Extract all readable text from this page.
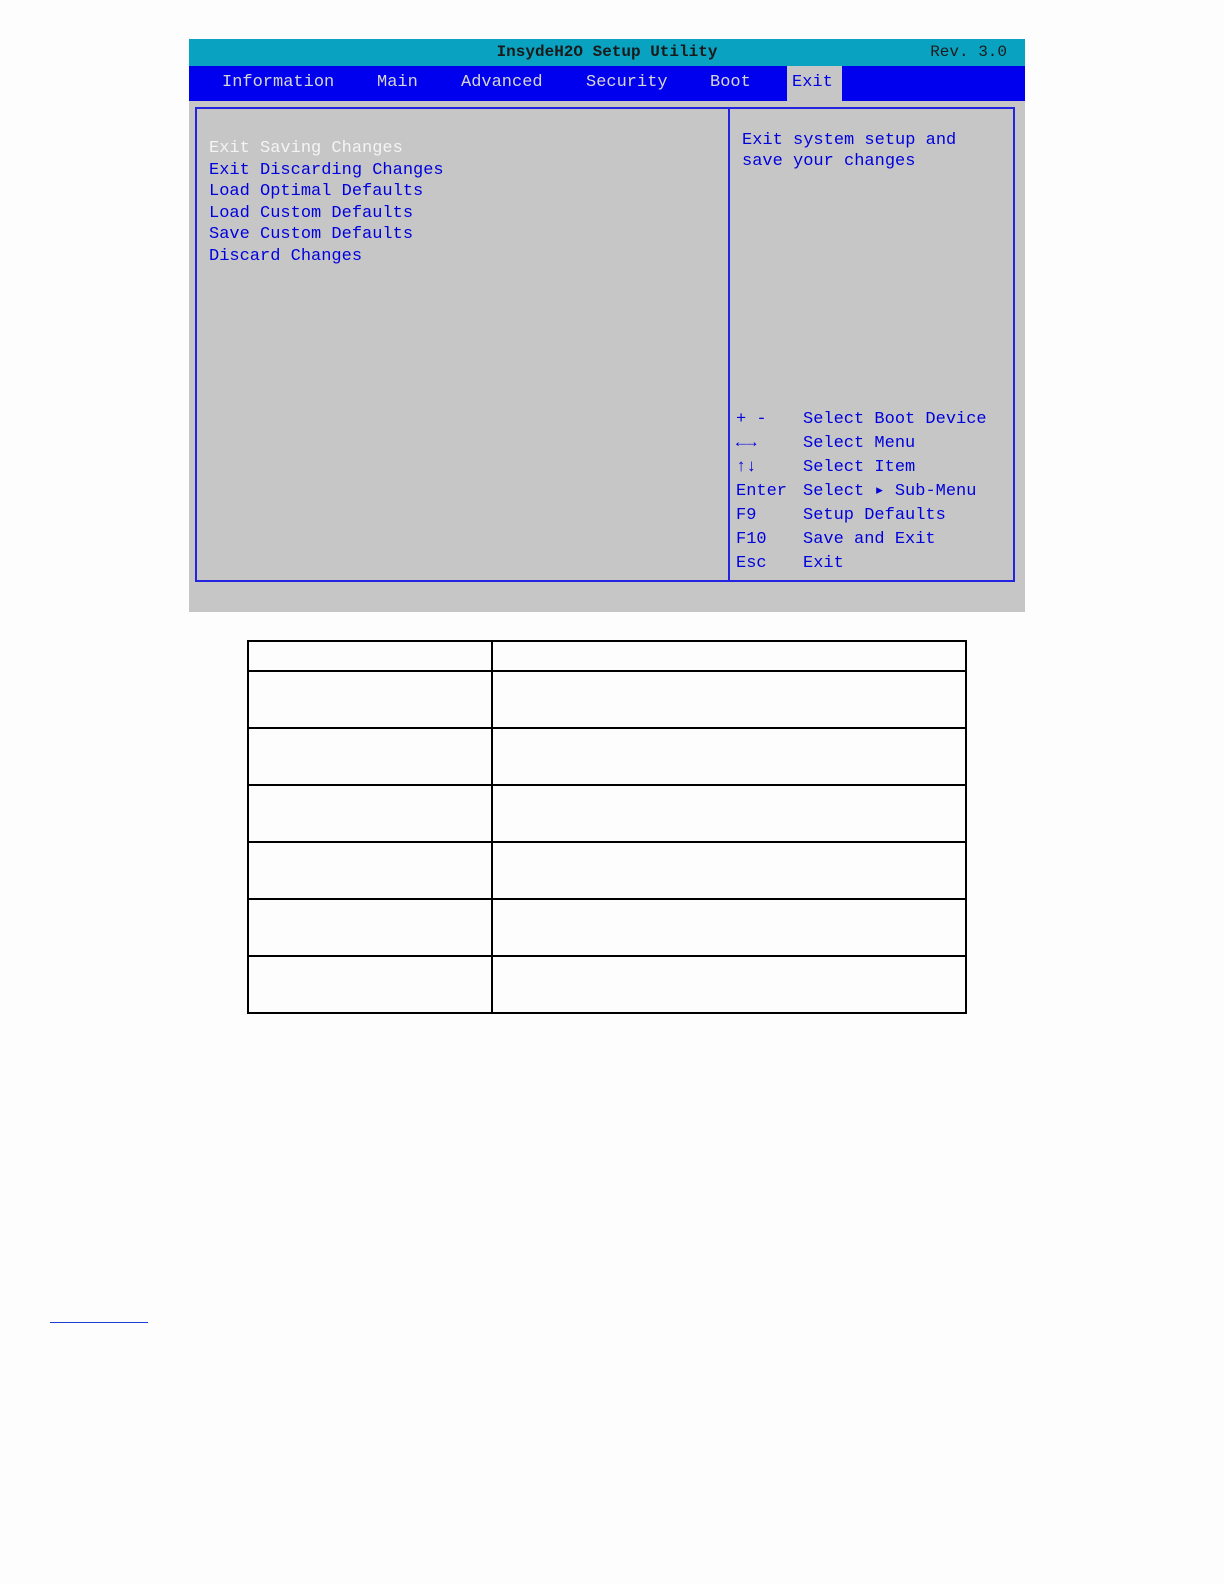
InsydeH2O Setup Utility	Rev. 3.0
Information	Main	Advanced	Security Boot Exit
Exit Saving Changes
Exit Discarding Changes
Load Optimal Defaults
Load Custom Defaults
Save Custom Defaults
Discard Changes
Exit system setup and
save your changes
+ - Select Boot Device
←→	Select Menu
↑↓	Select Item
Enter Select ▸ Sub-Menu
F9	Setup Defaults
F10 Save and Exit
Esc Exit
